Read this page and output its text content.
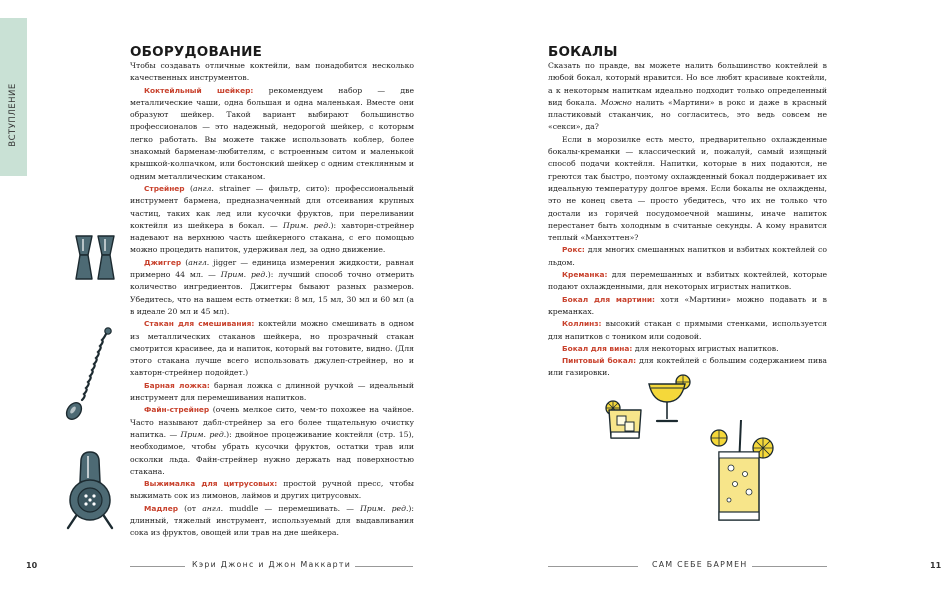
ВСТУПЛЕНИЕ
ОБОРУДОВАНИЕ

Чтобы создавать отличные коктейли, вам понадобится несколько качественных инструментов.

Коктейльный шейкер: рекомендуем набор — две металлические чаши, одна большая и одна маленькая. Вместе они образуют шейкер. Такой вариант выбирают большинство профессионалов — это надежный, недорогой шейкер, с которым легко работать. Вы можете также использовать коблер, более знакомый барменам-любителям, с встроенным ситом и маленькой крышкой-колпачком, или бостонский шейкер с одним стеклянным и одним металлическим стаканом.

Стрейнер (англ. strainer — фильтр, сито): профессиональный инструмент бармена, предназначенный для отсеивания крупных частиц, таких как лед или кусочки фруктов, при переливании коктейля из шейкера в бокал. — Прим. ред.): хавторн-стрейнер надевают на верхнюю часть шейкерного стакана, с его помощью можно процедить напиток, удерживая лед, за одно движение.

Джиггер (англ. jigger — единица измерения жидкости, равная примерно 44 мл. — Прим. ред.): лучший способ точно отмерить количество ингредиентов. Джиггеры бывают разных размеров. Убедитесь, что на вашем есть отметки: 8 мл, 15 мл, 30 мл и 60 мл (а в идеале 20 мл и 45 мл).

Стакан для смешивания: коктейли можно смешивать в одном из металлических стаканов шейкера, но прозрачный стакан смотрится красивее, да и напиток, который вы готовите, видно. (Для этого стакана лучше всего использовать джулеп-стрейнер, но и хавторн-стрейнер подойдет.)

Барная ложка: барная ложка с длинной ручкой — идеальный инструмент для перемешивания напитков.

Файн-стрейнер (очень мелкое сито, чем-то похожее на чайное. Часто называют дабл-стрейнер за его более тщательную очистку напитка. — Прим. ред.): двойное процеживание коктейля (стр. 15), необходимое, чтобы убрать кусочки фруктов, остатки трав или осколки льда. Файн-стрейнер нужно держать над поверхностью стакана.

Выжималка для цитрусовых: простой ручной пресс, чтобы выжимать сок из лимонов, лаймов и других цитрусовых.

Мадлер (от англ. muddle — перемешивать. — Прим. ред.): длинный, тяжелый инструмент, используемый для выдавливания сока из фруктов, овощей или трав на дне шейкера.

БОКАЛЫ

Сказать по правде, вы можете налить большинство коктейлей в любой бокал, который нравится. Но все любят красивые коктейли, а к некоторым напиткам идеально подходит только определенный вид бокала. Можно налить «Мартини» в рокс и даже в красный пластиковый стаканчик, но согласитесь, это ведь совсем не «секси», да?

Если в морозилке есть место, предварительно охлажденные бокалы-креманки — классический и, пожалуй, самый изящный способ подачи коктейля. Напитки, которые в них подаются, не греются так быстро, поэтому охлажденный бокал поддерживает их идеальную температуру долгое время. Если бокалы не охлаждены, это не конец света — просто убедитесь, что их не только что достали из горячей посудомоечной машины, иначе напиток перестанет быть холодным в считаные секунды. А кому нравится теплый «Манхэттен»?

Рокс: для многих смешанных напитков и взбитых коктейлей со льдом.

Креманка: для перемешанных и взбитых коктейлей, которые подают охлажденными, для некоторых игристых напитков.

Бокал для мартини: хотя «Мартини» можно подавать и в креманках.

Коллинз: высокий стакан с прямыми стенками, используется для напитков с тоником или содовой.

Бокал для вина: для некоторых игристых напитков.

Пинтовый бокал: для коктейлей с большим содержанием пива или газировки.

10	Кэри Джонс и Джон Маккарти	САМ СЕБЕ БАРМЕН	11
